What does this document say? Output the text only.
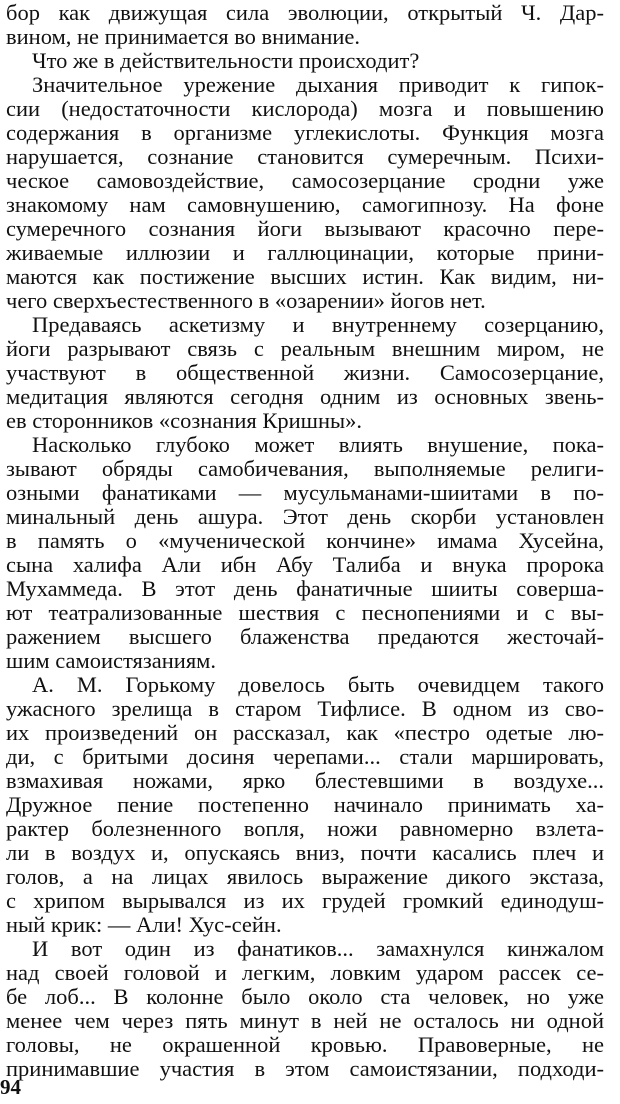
бор как движущая сила эволюции, открытый Ч. Дар-
вином, не принимается во внимание.
Что же в действительности происходит?
Значительное урежение дыхания приводит к гипок-
сии (недостаточности кислорода) мозга и повышению
содержания в организме углекислоты. Функция мозга
нарушается, сознание становится сумеречным. Психи-
ческое самовоздействие, самосозерцание сродни уже
знакомому нам самовнушению, самогипнозу. На фоне
сумеречного сознания йоги вызывают красочно пере-
живаемые иллюзии и галлюцинации, которые прини-
маются как постижение высших истин. Как видим, ни-
чего сверхъестественного в «озарении» йогов нет.
Предаваясь аскетизму и внутреннему созерцанию,
йоги разрывают связь с реальным внешним миром, не
участвуют в общественной жизни. Самосозерцание,
медитация являются сегодня одним из основных звень-
ев сторонников «сознания Кришны».
Насколько глубоко может влиять внушение, пока-
зывают обряды самобичевания, выполняемые религи-
озными фанатиками — мусульманами-шиитами в по-
минальный день ашура. Этот день скорби установлен
в память о «мученической кончине» имама Хусейна,
сына халифа Али ибн Абу Талиба и внука пророка
Мухаммеда. В этот день фанатичные шииты соверша-
ют театрализованные шествия с песнопениями и с вы-
ражением высшего блаженства предаются жесточай-
шим самоистязаниям.
А. М. Горькому довелось быть очевидцем такого
ужасного зрелища в старом Тифлисе. В одном из сво-
их произведений он рассказал, как «пестро одетые лю-
ди, с бритыми досиня черепами... стали маршировать,
взмахивая ножами, ярко блестевшими в воздухе...
Дружное пение постепенно начинало принимать ха-
рактер болезненного вопля, ножи равномерно взлета-
ли в воздух и, опускаясь вниз, почти касались плеч и
голов, а на лицах явилось выражение дикого экстаза,
с хрипом вырывался из их грудей громкий единодуш-
ный крик: — Али! Хус-сейн.
И вот один из фанатиков... замахнулся кинжалом
над своей головой и легким, ловким ударом рассек се-
бе лоб... В колонне было около ста человек, но уже
менее чем через пять минут в ней не осталось ни одной
головы, не окрашенной кровью. Правоверные, не
принимавшие участия в этом самоистязании, подходи-
94
